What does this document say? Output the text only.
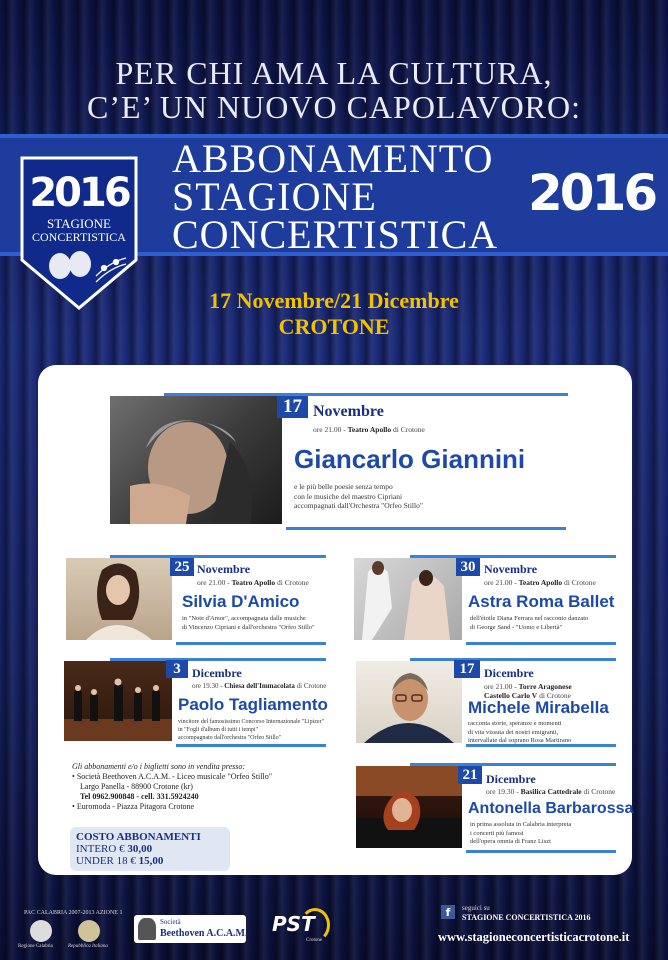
PER CHI AMA LA CULTURA,
C’E’ UN NUOVO CAPOLAVORO:
ABBONAMENTO
STAGIONE
CONCERTISTICA
2016
2016
STAGIONE
CONCERTISTICA
17 Novembre/21 Dicembre
CROTONE
17 Novembre
ore 21.00 - Teatro Apollo di Crotone
Giancarlo Giannini
e le più belle poesie senza tempo
con le musiche del maestro Cipriani
accompagnati dall'Orchestra "Orfeo Stillo"
25 Novembre
ore 21.00 - Teatro Apollo di Crotone
Silvia D'Amico
in "Note d'Amor", accompagnata dalle musiche
di Vincenzo Cipriani e dall'orchestra "Orfeo Stillo"
30 Novembre
ore 21.00 - Teatro Apollo di Crotone
Astra Roma Ballet
dell'étoile Diana Ferrara nel racconto danzato
di George Sand - "Uomo e Libertà"
3 Dicembre
ore 19.30 - Chiesa dell'Immacolata di Crotone
Paolo Tagliamento
vincitore del famosissimo Concorso Internazionale "Lipizer"
in "Fogli d'album di tutti i tempi"
accompagnato dall'orchestra "Orfeo Stillo"
17 Dicembre
ore 21.00 - Torre Aragonese
Castello Carlo V di Crotone
Michele Mirabella
racconta storie, speranze e momenti
di vita vissuta dei nostri emigranti,
intervallate dal soprano Rosa Martirano
21 Dicembre
ore 19.30 - Basilica Cattedrale di Crotone
Antonella Barbarossa
in prima assoluta in Calabria interpreta
i concerti più famosi
dell'opera omnia di Franz Liszt
Gli abbonamenti e/o i biglietti sono in vendita presso:
• Società Beethoven A.C.A.M. - Liceo musicale "Orfeo Stillo"
Largo Panella - 88900 Crotone (kr)
Tel 0962.900848 - cell. 331.5924240
• Euromoda - Piazza Pitagora Crotone
COSTO ABBONAMENTI
INTERO € 30,00
UNDER 18 € 15,00
PAC CALABRIA 2007-2013 AZIONE 1
Regione Calabria	Repubblica Italiana
Società
Beethoven A.C.A.M. PST
Crotone
f	seguici su
STAGIONE CONCERTISTICA 2016
www.stagioneconcertisticacrotone.it
